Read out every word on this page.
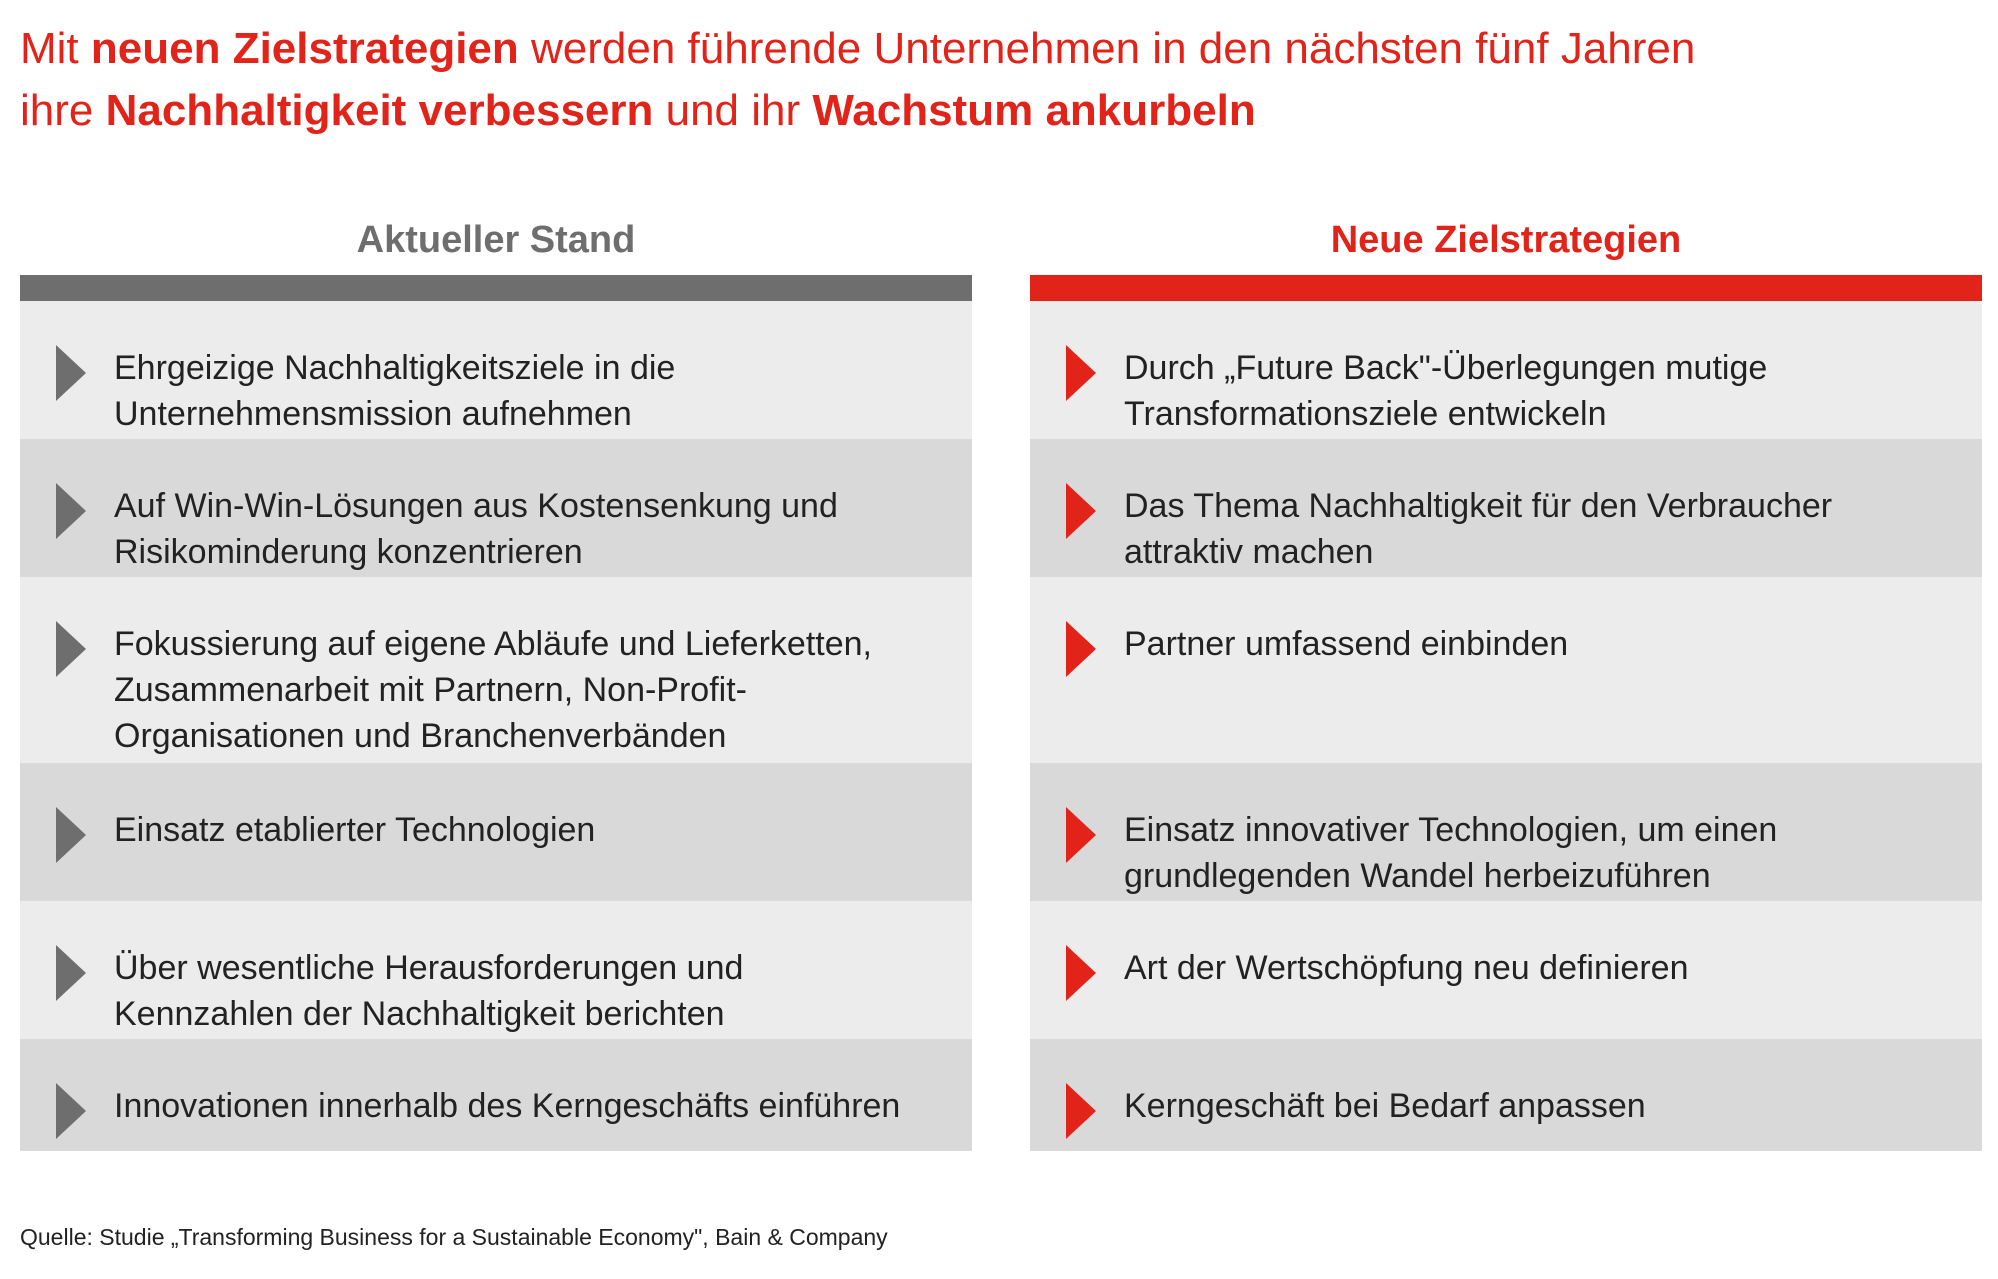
Mit neuen Zielstrategien werden führende Unternehmen in den nächsten fünf Jahren
ihre Nachhaltigkeit verbessern und ihr Wachstum ankurbeln
Aktueller Stand
Ehrgeizige Nachhaltigkeitsziele in die
Unternehmensmission aufnehmen
Auf Win-Win-Lösungen aus Kostensenkung und
Risikominderung konzentrieren
Fokussierung auf eigene Abläufe und Lieferketten,
Zusammenarbeit mit Partnern, Non-Profit-
Organisationen und Branchenverbänden
Einsatz etablierter Technologien
Über wesentliche Herausforderungen und
Kennzahlen der Nachhaltigkeit berichten
Innovationen innerhalb des Kerngeschäfts einführen
Neue Zielstrategien
Durch „Future Back"-Überlegungen mutige
Transformationsziele entwickeln
Das Thema Nachhaltigkeit für den Verbraucher
attraktiv machen
Partner umfassend einbinden
Einsatz innovativer Technologien, um einen
grundlegenden Wandel herbeizuführen
Art der Wertschöpfung neu definieren
Kerngeschäft bei Bedarf anpassen
Quelle: Studie „Transforming Business for a Sustainable Economy", Bain & Company
